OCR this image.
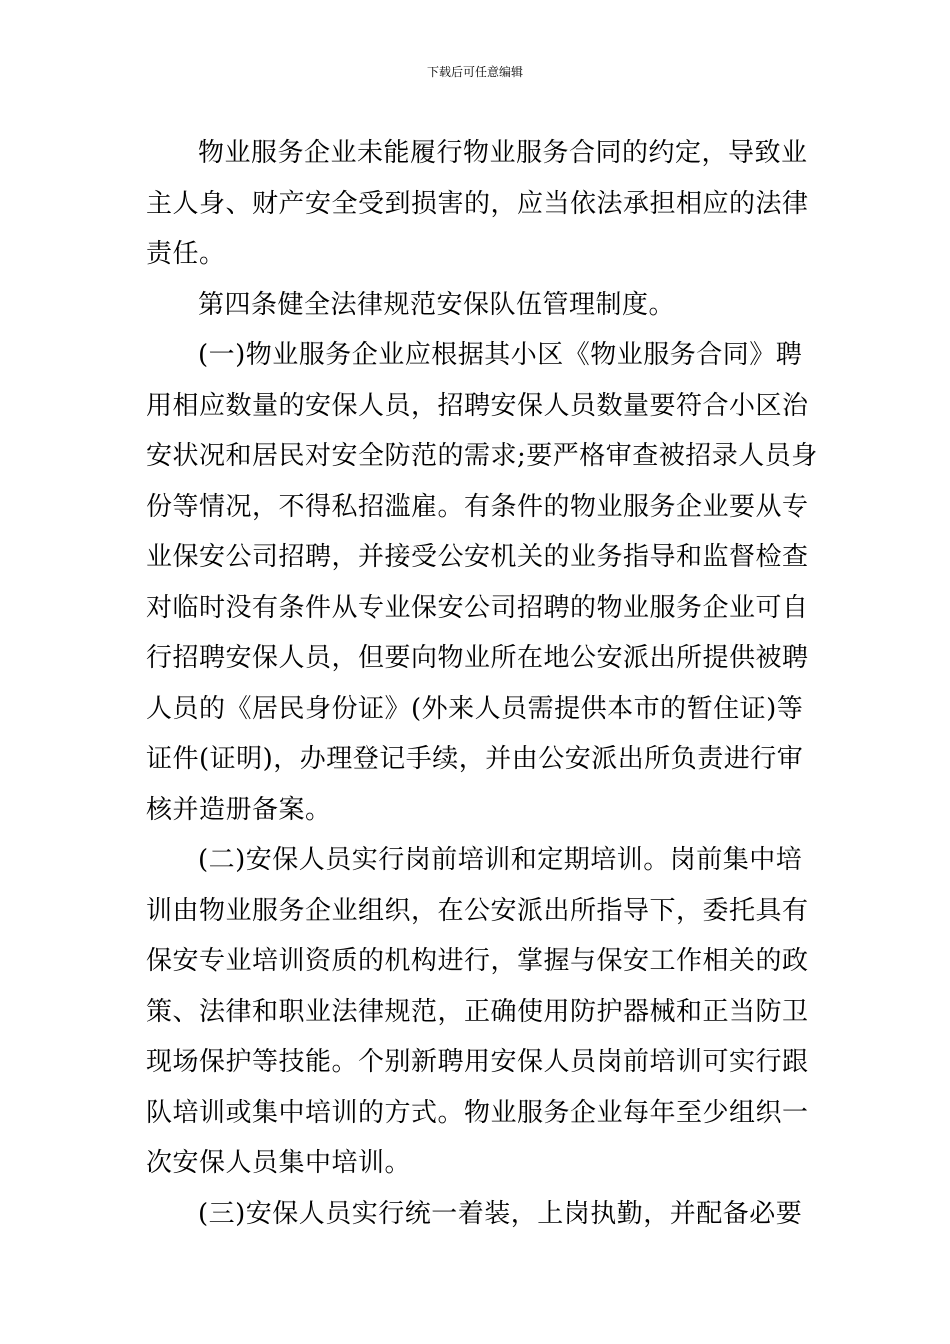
下载后可任意编辑
物业服务企业未能履行物业服务合同的约定，导致业
主人身、财产安全受到损害的，应当依法承担相应的法律
责任。
第四条健全法律规范安保队伍管理制度。
(一)物业服务企业应根据其小区《物业服务合同》聘
用相应数量的安保人员，招聘安保人员数量要符合小区治
安状况和居民对安全防范的需求;要严格审查被招录人员身
份等情况，不得私招滥雇。有条件的物业服务企业要从专
业保安公司招聘，并接受公安机关的业务指导和监督检查
对临时没有条件从专业保安公司招聘的物业服务企业可自
行招聘安保人员，但要向物业所在地公安派出所提供被聘
人员的《居民身份证》(外来人员需提供本市的暂住证)等
证件(证明)，办理登记手续，并由公安派出所负责进行审
核并造册备案。
(二)安保人员实行岗前培训和定期培训。岗前集中培
训由物业服务企业组织，在公安派出所指导下，委托具有
保安专业培训资质的机构进行，掌握与保安工作相关的政
策、法律和职业法律规范，正确使用防护器械和正当防卫
现场保护等技能。个别新聘用安保人员岗前培训可实行跟
队培训或集中培训的方式。物业服务企业每年至少组织一
次安保人员集中培训。
(三)安保人员实行统一着装，上岗执勤，并配备必要
